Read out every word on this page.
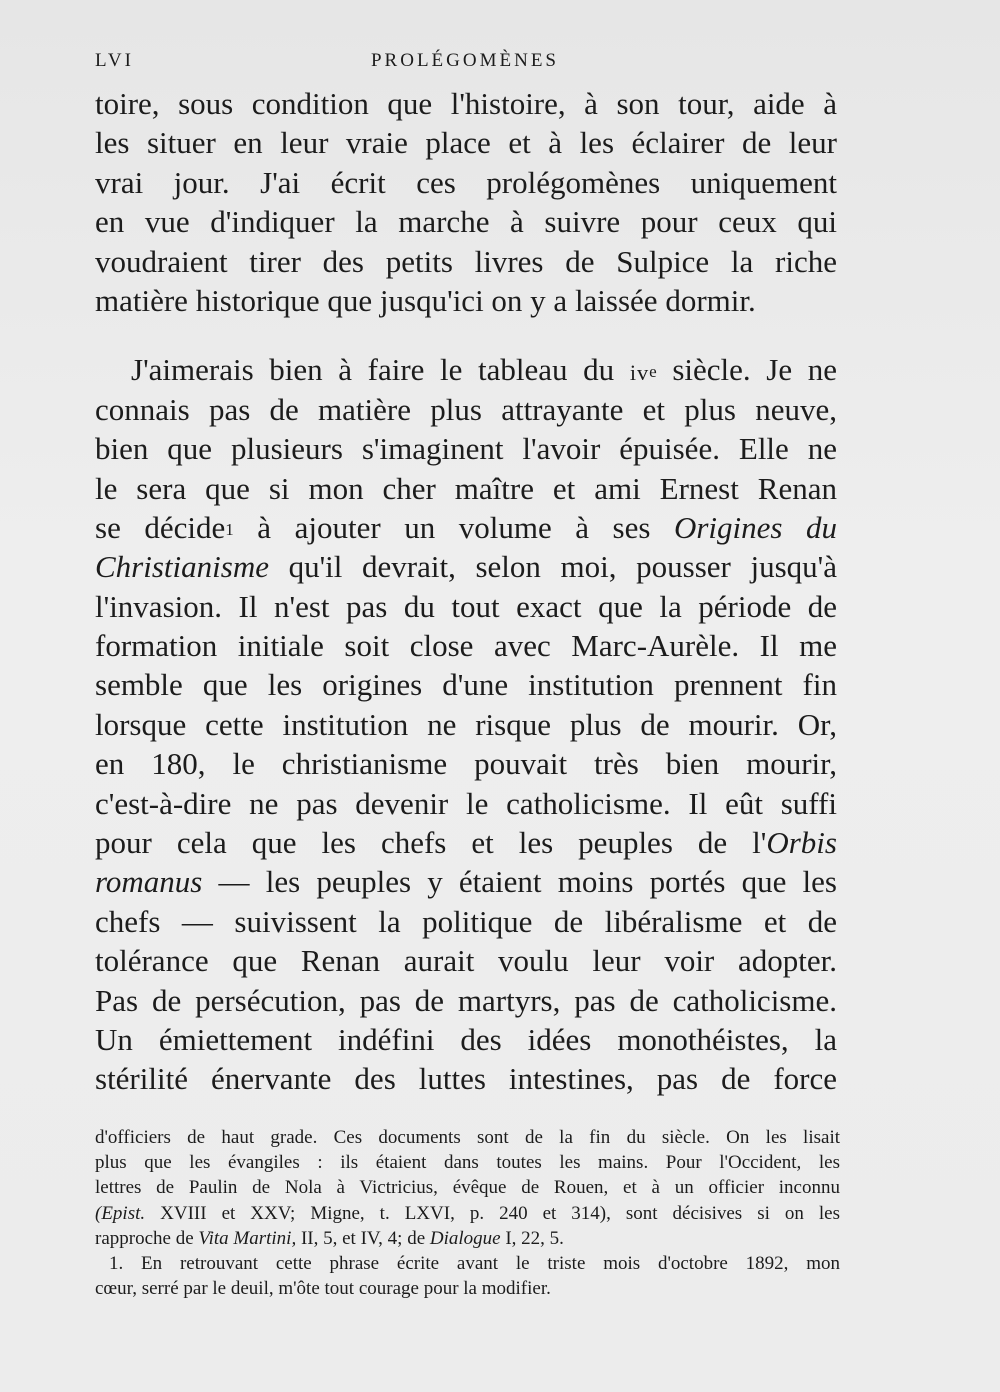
LVI	PROLÉGOMÈNES
toire, sous condition que l'histoire, à son tour, aide à
les situer en leur vraie place et à les éclairer de leur
vrai jour. J'ai écrit ces prolégomènes uniquement
en vue d'indiquer la marche à suivre pour ceux qui
voudraient tirer des petits livres de Sulpice la riche
matière historique que jusqu'ici on y a laissée dormir.
J'aimerais bien à faire le tableau du $iv^e$ siècle. Je ne
connais pas de matière plus attrayante et plus neuve,
bien que plusieurs s'imaginent l'avoir épuisée. Elle ne
le sera que si mon cher maître et ami Ernest Renan
se décide$^1$ à ajouter un volume à ses Origines du
Christianisme qu'il devrait, selon moi, pousser jusqu'à
l'invasion. Il n'est pas du tout exact que la période de
formation initiale soit close avec Marc-Aurèle. Il me
semble que les origines d'une institution prennent fin
lorsque cette institution ne risque plus de mourir. Or,
en 180, le christianisme pouvait très bien mourir,
c'est-à-dire ne pas devenir le catholicisme. Il eût suffi
pour cela que les chefs et les peuples de l'Orbis
romanus — les peuples y étaient moins portés que les
chefs — suivissent la politique de libéralisme et de
tolérance que Renan aurait voulu leur voir adopter.
Pas de persécution, pas de martyrs, pas de catholicisme.
Un émiettement indéfini des idées monothéistes, la
stérilité énervante des luttes intestines, pas de force
d'officiers de haut grade. Ces documents sont de la fin du siècle. On les lisait
plus que les évangiles : ils étaient dans toutes les mains. Pour l'Occident, les
lettres de Paulin de Nola à Victricius, évêque de Rouen, et à un officier inconnu
(Epist. XVIII et XXV; Migne, t. LXVI, p. 240 et 314), sont décisives si on les
rapproche de Vita Martini, II, 5, et IV, 4; de Dialogue I, 22, 5.
1. En retrouvant cette phrase écrite avant le triste mois d'octobre 1892, mon
cœur, serré par le deuil, m'ôte tout courage pour la modifier.
